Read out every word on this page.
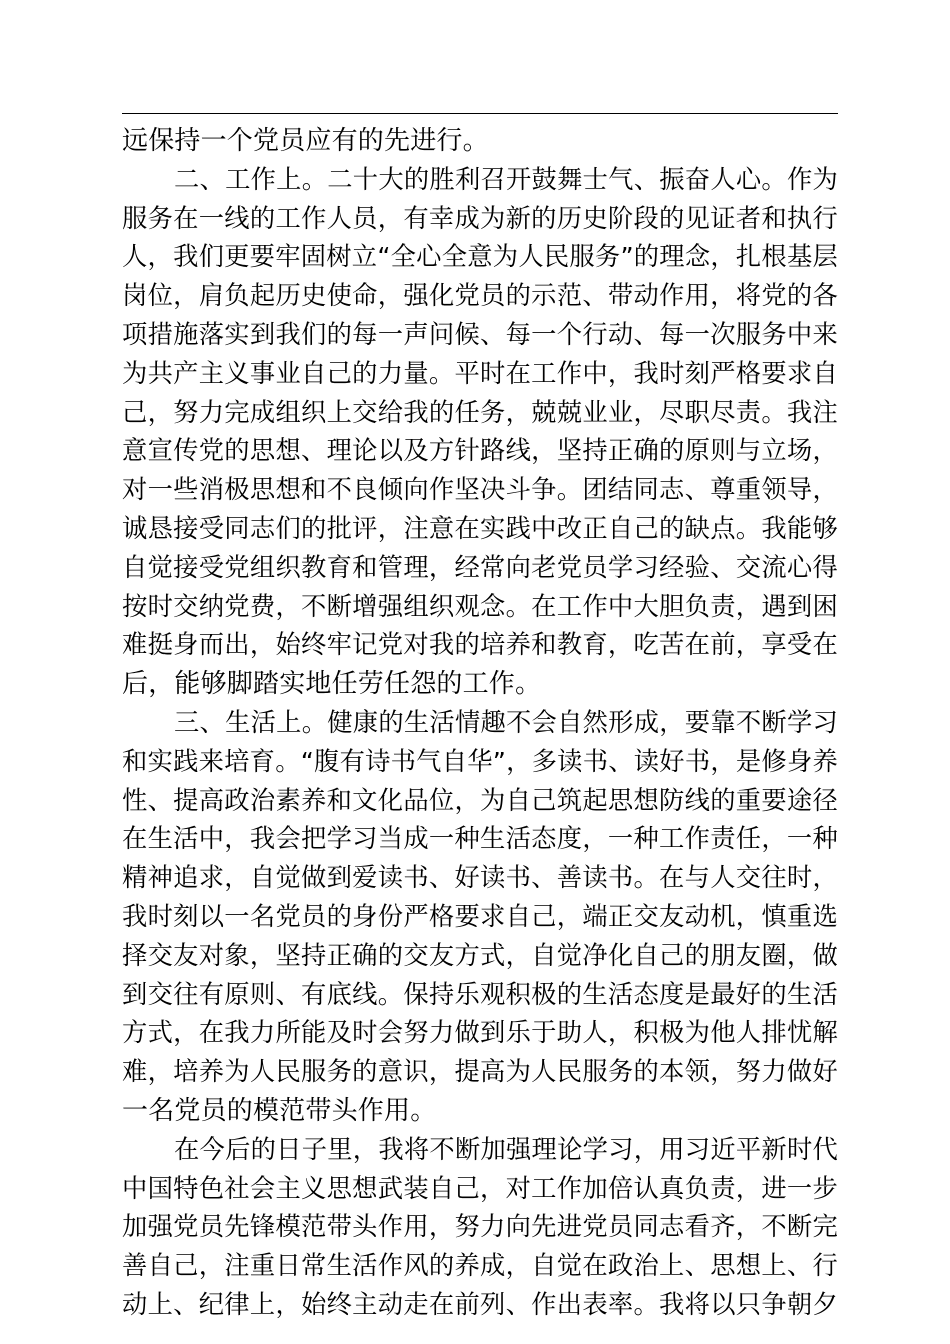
远保持一个党员应有的先进行。
二、工作上。二十大的胜利召开鼓舞士气、振奋人心。作为
服务在一线的工作人员，有幸成为新的历史阶段的见证者和执行
人，我们更要牢固树立“全心全意为人民服务”的理念，扎根基层
岗位，肩负起历史使命，强化党员的示范、带动作用，将党的各
项措施落实到我们的每一声问候、每一个行动、每一次服务中来
为共产主义事业自己的力量。平时在工作中，我时刻严格要求自
己，努力完成组织上交给我的任务，兢兢业业，尽职尽责。我注
意宣传党的思想、理论以及方针路线，坚持正确的原则与立场，
对一些消极思想和不良倾向作坚决斗争。团结同志、尊重领导，
诚恳接受同志们的批评，注意在实践中改正自己的缺点。我能够
自觉接受党组织教育和管理，经常向老党员学习经验、交流心得
按时交纳党费，不断增强组织观念。在工作中大胆负责，遇到困
难挺身而出，始终牢记党对我的培养和教育，吃苦在前，享受在
后，能够脚踏实地任劳任怨的工作。
三、生活上。健康的生活情趣不会自然形成，要靠不断学习
和实践来培育。“腹有诗书气自华”，多读书、读好书，是修身养
性、提高政治素养和文化品位，为自己筑起思想防线的重要途径
在生活中，我会把学习当成一种生活态度，一种工作责任，一种
精神追求，自觉做到爱读书、好读书、善读书。在与人交往时，
我时刻以一名党员的身份严格要求自己，端正交友动机，慎重选
择交友对象，坚持正确的交友方式，自觉净化自己的朋友圈，做
到交往有原则、有底线。保持乐观积极的生活态度是最好的生活
方式，在我力所能及时会努力做到乐于助人，积极为他人排忧解
难，培养为人民服务的意识，提高为人民服务的本领，努力做好
一名党员的模范带头作用。
在今后的日子里，我将不断加强理论学习，用习近平新时代
中国特色社会主义思想武装自己，对工作加倍认真负责，进一步
加强党员先锋模范带头作用，努力向先进党员同志看齐，不断完
善自己，注重日常生活作风的养成，自觉在政治上、思想上、行
动上、纪律上，始终主动走在前列、作出表率。我将以只争朝夕
